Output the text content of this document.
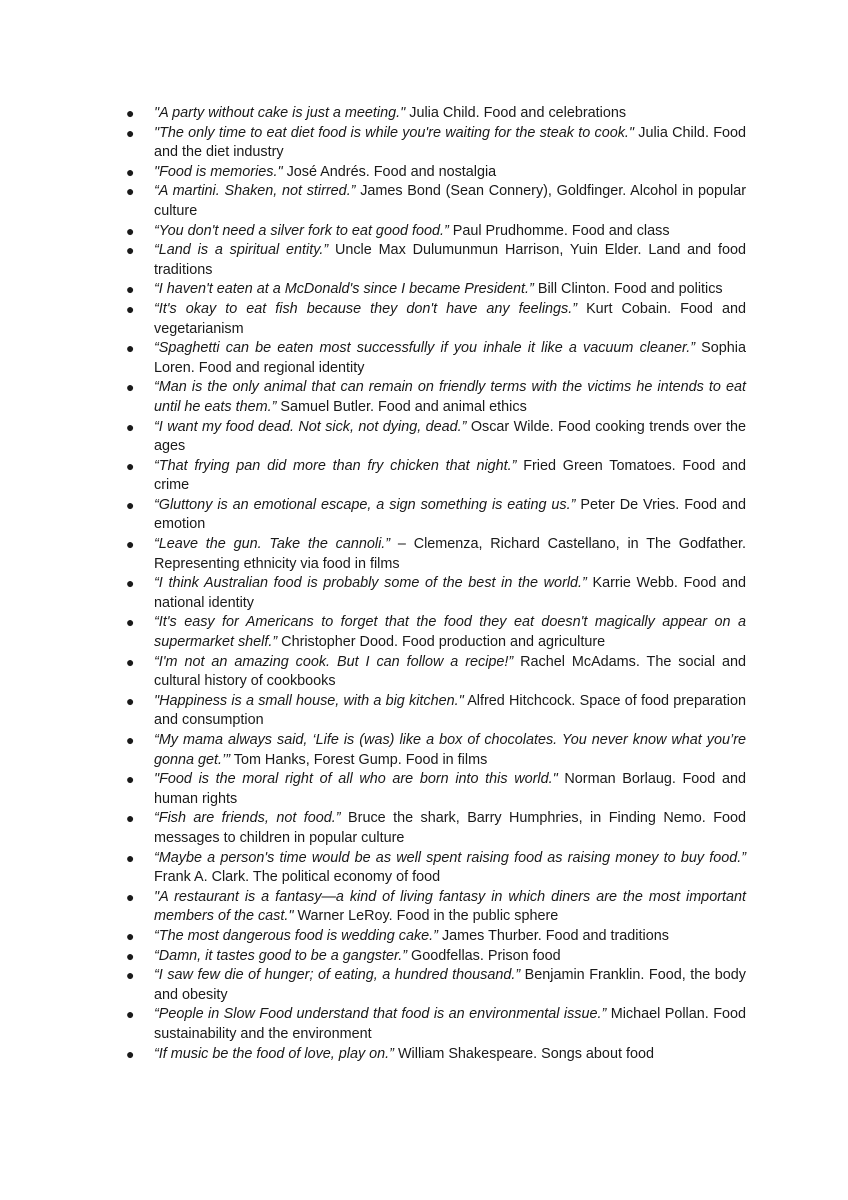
● "A party without cake is just a meeting." Julia Child. Food and celebrations
● "The only time to eat diet food is while you're waiting for the steak to cook." Julia Child. Food and the diet industry
● "Food is memories." José Andrés. Food and nostalgia
● “A martini. Shaken, not stirred.” James Bond (Sean Connery), Goldfinger. Alcohol in popular culture
● “You don't need a silver fork to eat good food.” Paul Prudhomme. Food and class
● “Land is a spiritual entity.” Uncle Max Dulumunmun Harrison, Yuin Elder. Land and food traditions
● “I haven't eaten at a McDonald's since I became President.” Bill Clinton. Food and politics
● “It's okay to eat fish because they don't have any feelings.” Kurt Cobain. Food and vegetarianism
● “Spaghetti can be eaten most successfully if you inhale it like a vacuum cleaner.” Sophia Loren. Food and regional identity
● “Man is the only animal that can remain on friendly terms with the victims he intends to eat until he eats them.” Samuel Butler. Food and animal ethics
● “I want my food dead. Not sick, not dying, dead.” Oscar Wilde. Food cooking trends over the ages
● “That frying pan did more than fry chicken that night.” Fried Green Tomatoes. Food and crime
● “Gluttony is an emotional escape, a sign something is eating us.” Peter De Vries. Food and emotion
● “Leave the gun. Take the cannoli.” – Clemenza, Richard Castellano, in The Godfather. Representing ethnicity via food in films
● “I think Australian food is probably some of the best in the world.” Karrie Webb. Food and national identity
● “It's easy for Americans to forget that the food they eat doesn't magically appear on a supermarket shelf.” Christopher Dood. Food production and agriculture
● “I'm not an amazing cook. But I can follow a recipe!” Rachel McAdams. The social and cultural history of cookbooks
● "Happiness is a small house, with a big kitchen." Alfred Hitchcock. Space of food preparation and consumption
● “My mama always said, ‘Life is (was) like a box of chocolates. You never know what you’re gonna get.’” Tom Hanks, Forest Gump. Food in films
● "Food is the moral right of all who are born into this world." Norman Borlaug. Food and human rights
● “Fish are friends, not food.” Bruce the shark, Barry Humphries, in Finding Nemo. Food messages to children in popular culture
● “Maybe a person's time would be as well spent raising food as raising money to buy food.” Frank A. Clark. The political economy of food
● "A restaurant is a fantasy—a kind of living fantasy in which diners are the most important members of the cast." Warner LeRoy. Food in the public sphere
● “The most dangerous food is wedding cake.” James Thurber. Food and traditions
● “Damn, it tastes good to be a gangster.” Goodfellas. Prison food
● “I saw few die of hunger; of eating, a hundred thousand.” Benjamin Franklin. Food, the body and obesity
● “People in Slow Food understand that food is an environmental issue.” Michael Pollan. Food sustainability and the environment
● “If music be the food of love, play on.” William Shakespeare. Songs about food
